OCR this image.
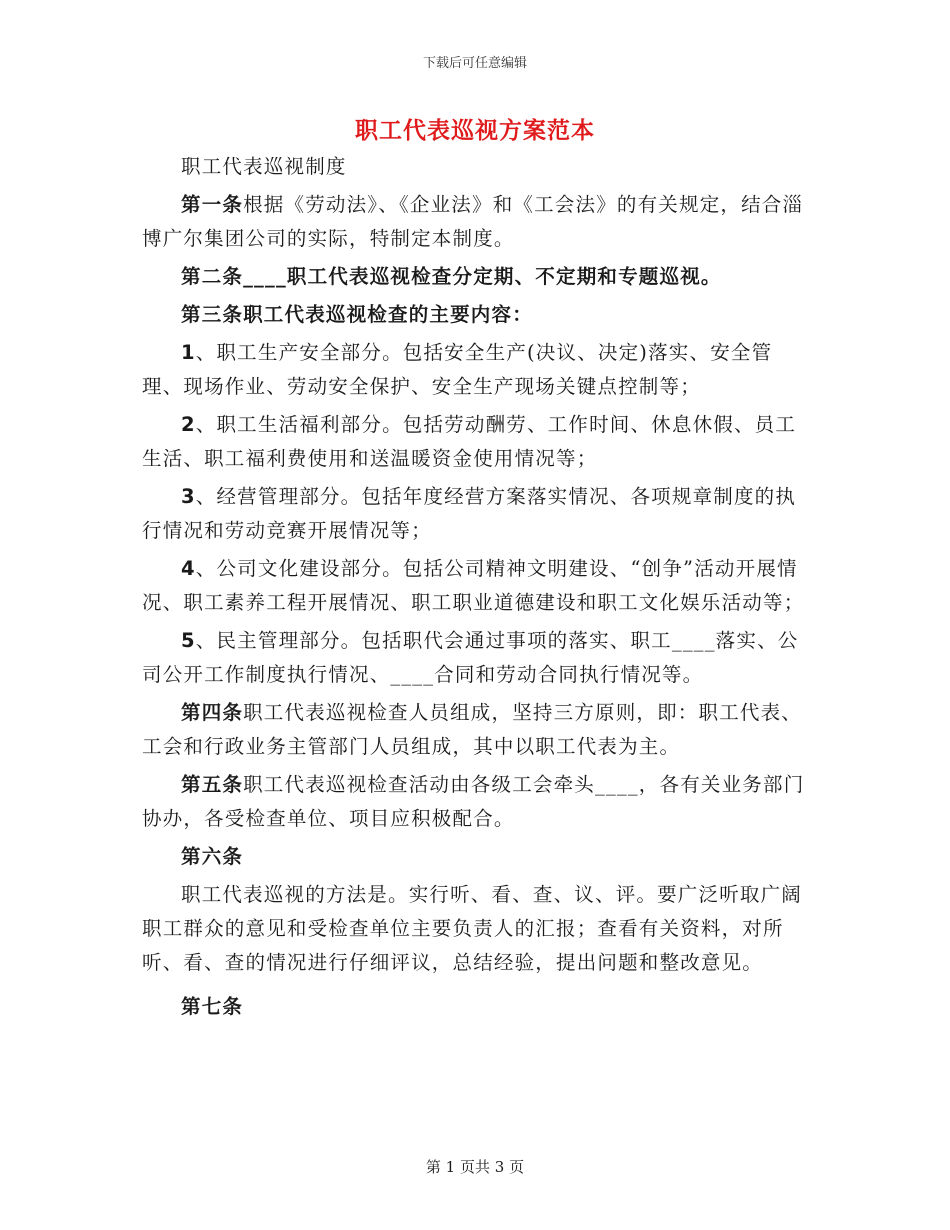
下载后可任意编辑
职工代表巡视方案范本

职工代表巡视制度

第一条根据《劳动法》、《企业法》和《工会法》的有关规定，结合淄博广尔集团公司的实际，特制定本制度。

第二条____职工代表巡视检查分定期、不定期和专题巡视。

第三条职工代表巡视检查的主要内容：

1、职工生产安全部分。包括安全生产(决议、决定)落实、安全管理、现场作业、劳动安全保护、安全生产现场关键点控制等；

2、职工生活福利部分。包括劳动酬劳、工作时间、休息休假、员工生活、职工福利费使用和送温暖资金使用情况等；

3、经营管理部分。包括年度经营方案落实情况、各项规章制度的执行情况和劳动竞赛开展情况等；

4、公司文化建设部分。包括公司精神文明建设、“创争”活动开展情况、职工素养工程开展情况、职工职业道德建设和职工文化娱乐活动等；

5、民主管理部分。包括职代会通过事项的落实、职工____落实、公司公开工作制度执行情况、____合同和劳动合同执行情况等。

第四条职工代表巡视检查人员组成，坚持三方原则，即：职工代表、工会和行政业务主管部门人员组成，其中以职工代表为主。

第五条职工代表巡视检查活动由各级工会牵头____，各有关业务部门协办，各受检查单位、项目应积极配合。

第六条

职工代表巡视的方法是。实行听、看、查、议、评。要广泛听取广阔职工群众的意见和受检查单位主要负责人的汇报；查看有关资料，对所听、看、查的情况进行仔细评议，总结经验，提出问题和整改意见。

第七条

第 1 页共 3 页
